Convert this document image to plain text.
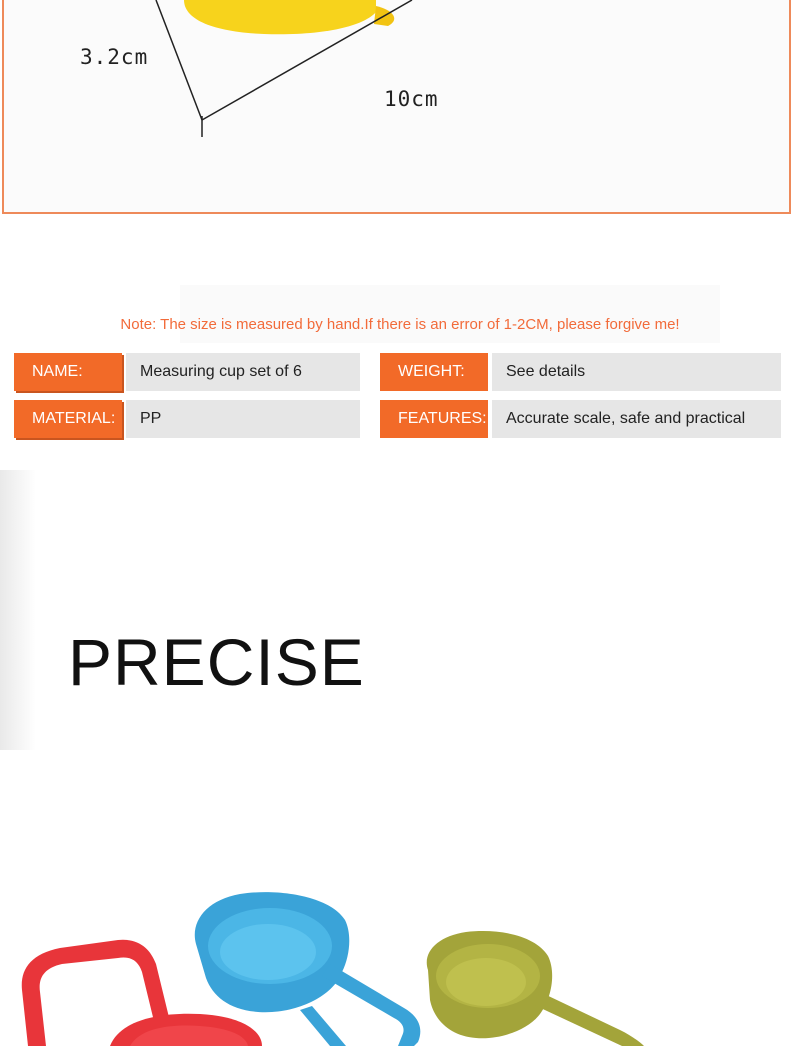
3.2cm
10cm
Note: The size is measured by hand.If there is an error of 1-2CM, please forgive me!
NAME:	Measuring cup set of 6	WEIGHT:	See details
MATERIAL:	PP	FEATURES:	Accurate scale, safe and practical
PRECISE
